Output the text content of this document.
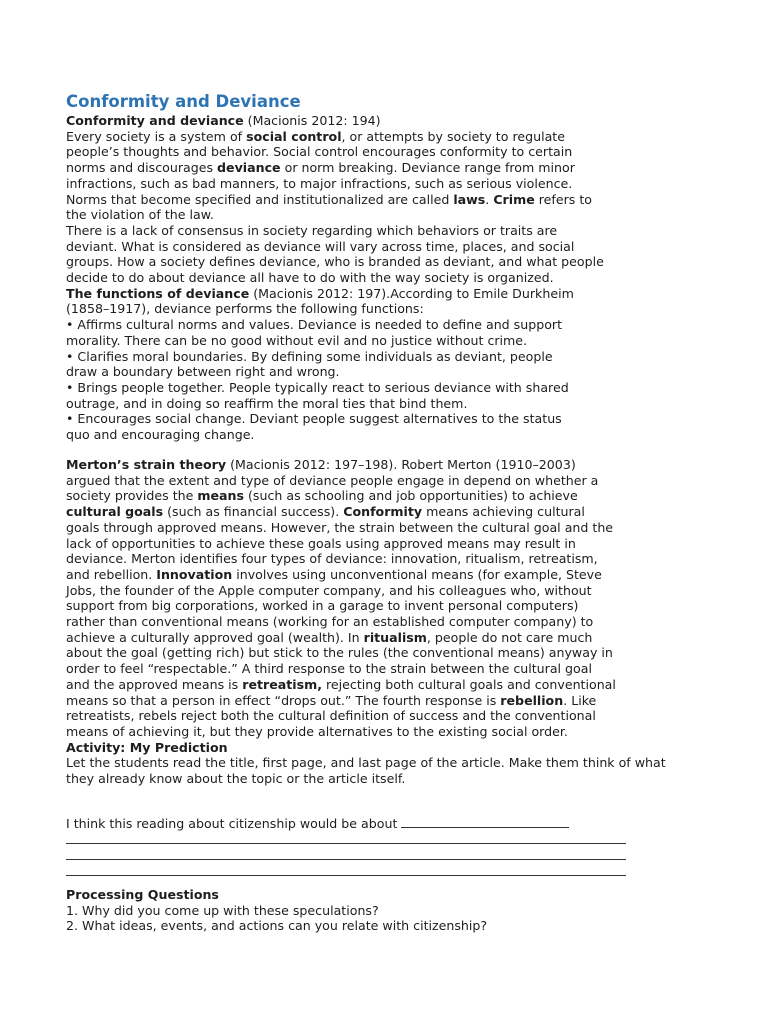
Conformity and Deviance
Conformity and deviance (Macionis 2012: 194)
Every society is a system of social control, or attempts by society to regulate
people’s thoughts and behavior. Social control encourages conformity to certain
norms and discourages deviance or norm breaking. Deviance range from minor
infractions, such as bad manners, to major infractions, such as serious violence.
Norms that become specified and institutionalized are called laws. Crime refers to
the violation of the law.
There is a lack of consensus in society regarding which behaviors or traits are
deviant. What is considered as deviance will vary across time, places, and social
groups. How a society defines deviance, who is branded as deviant, and what people
decide to do about deviance all have to do with the way society is organized.
The functions of deviance (Macionis 2012: 197).According to Emile Durkheim
(1858–1917), deviance performs the following functions:
• Affirms cultural norms and values. Deviance is needed to define and support
morality. There can be no good without evil and no justice without crime.
• Clarifies moral boundaries. By defining some individuals as deviant, people
draw a boundary between right and wrong.
• Brings people together. People typically react to serious deviance with shared
outrage, and in doing so reaffirm the moral ties that bind them.
• Encourages social change. Deviant people suggest alternatives to the status
quo and encouraging change.
Merton’s strain theory (Macionis 2012: 197–198). Robert Merton (1910–2003)
argued that the extent and type of deviance people engage in depend on whether a
society provides the means (such as schooling and job opportunities) to achieve
cultural goals (such as financial success). Conformity means achieving cultural
goals through approved means. However, the strain between the cultural goal and the
lack of opportunities to achieve these goals using approved means may result in
deviance. Merton identifies four types of deviance: innovation, ritualism, retreatism,
and rebellion. Innovation involves using unconventional means (for example, Steve
Jobs, the founder of the Apple computer company, and his colleagues who, without
support from big corporations, worked in a garage to invent personal computers)
rather than conventional means (working for an established computer company) to
achieve a culturally approved goal (wealth). In ritualism, people do not care much
about the goal (getting rich) but stick to the rules (the conventional means) anyway in
order to feel “respectable.” A third response to the strain between the cultural goal
and the approved means is retreatism, rejecting both cultural goals and conventional
means so that a person in effect “drops out.” The fourth response is rebellion. Like
retreatists, rebels reject both the cultural definition of success and the conventional
means of achieving it, but they provide alternatives to the existing social order.
Activity: My Prediction
Let the students read the title, first page, and last page of the article. Make them think of what
they already know about the topic or the article itself.
I think this reading about citizenship would be about
Processing Questions
1. Why did you come up with these speculations?
2. What ideas, events, and actions can you relate with citizenship?
